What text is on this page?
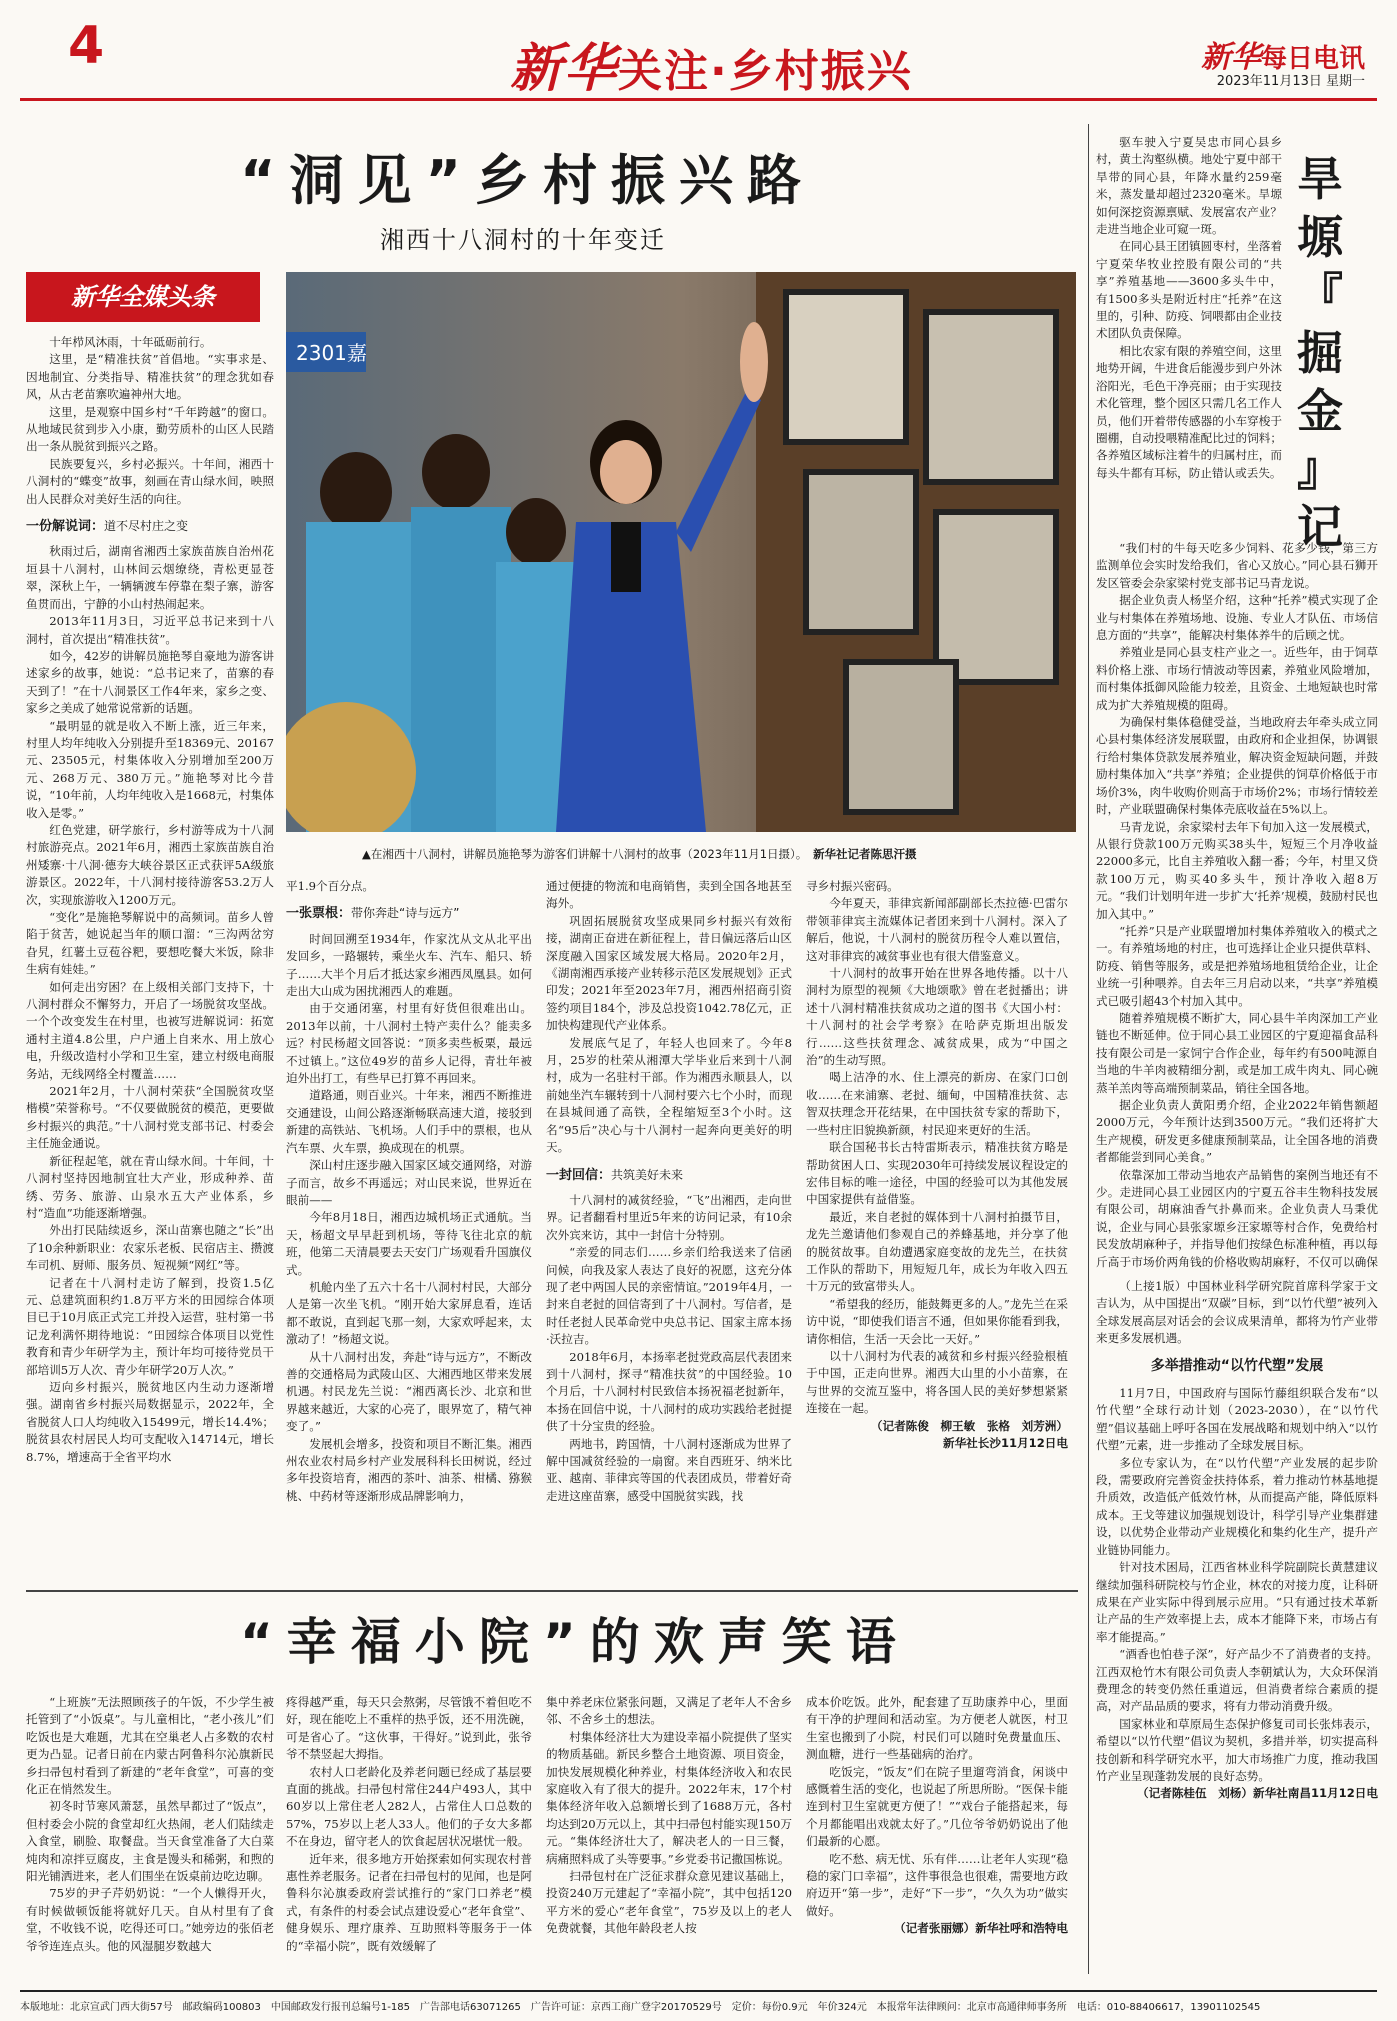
4	新华关注·乡村振兴	新华每日电讯
2023年11月13日 星期一
“洞见”乡村振兴路
湘西十八洞村的十年变迁
新华全媒头条
2301嘉
▲在湘西十八洞村，讲解员施艳琴为游客们讲解十八洞村的故事（2023年11月1日摄）。　 新华社记者陈思汗摄

十年栉风沐雨，十年砥砺前行。

这里，是“精准扶贫”首倡地。“实事求是、因地制宜、分类指导、精准扶贫”的理念犹如春风，从古老苗寨吹遍神州大地。

这里，是观察中国乡村“千年跨越”的窗口。从地域民贫到步入小康，勤劳质朴的山区人民踏出一条从脱贫到振兴之路。

民族要复兴，乡村必振兴。十年间，湘西十八洞村的“蝶变”故事，刻画在青山绿水间，映照出人民群众对美好生活的向往。

一份解说词：道不尽村庄之变

秋雨过后，湖南省湘西土家族苗族自治州花垣县十八洞村，山林间云烟缭绕，青松更显苍翠，深秋上午，一辆辆渡车停靠在梨子寨，游客鱼贯而出，宁静的小山村热闹起来。

2013年11月3日，习近平总书记来到十八洞村，首次提出“精准扶贫”。

如今，42岁的讲解员施艳琴自豪地为游客讲述家乡的故事，她说：“总书记来了，苗寨的春天到了！”在十八洞景区工作4年来，家乡之变、家乡之美成了她常说常新的话题。

“最明显的就是收入不断上涨，近三年来，村里人均年纯收入分别提升至18369元、20167元、23505元，村集体收入分别增加至200万元、268万元、380万元。”施艳琴对比今昔说，“10年前，人均年纯收入是1668元，村集体收入是零。”

红色党建，研学旅行，乡村游等成为十八洞村旅游亮点。2021年6月，湘西土家族苗族自治州矮寨·十八洞·德夯大峡谷景区正式获评5A级旅游景区。2022年，十八洞村接待游客53.2万人次，实现旅游收入1200万元。

“变化”是施艳琴解说中的高频词。苗乡人曾陷于贫苦，她说起当年的顺口溜：“三沟两岔穷旮旯，红薯土豆苞谷粑，要想吃餐大米饭，除非生病有娃娃。”

如何走出穷困？在上级相关部门支持下，十八洞村群众不懈努力，开启了一场脱贫攻坚战。一个个改变发生在村里，也被写进解说词：拓宽通村主道4.8公里，户户通上自来水、用上放心电，升级改造村小学和卫生室，建立村级电商服务站，无线网络全村覆盖……

2021年2月，十八洞村荣获“全国脱贫攻坚楷模”荣誉称号。“不仅要做脱贫的模范，更要做乡村振兴的典范。”十八洞村党支部书记、村委会主任施金通说。

新征程起笔，就在青山绿水间。十年间，十八洞村坚持因地制宜壮大产业，形成种养、苗绣、劳务、旅游、山泉水五大产业体系，乡村“造血”功能逐渐增强。

外出打民陆续返乡，深山苗寨也随之“长”出了10余种新职业：农家乐老板、民宿店主、攒渡车司机、厨师、服务员、短视频“网红”等。

记者在十八洞村走访了解到，投资1.5亿元、总建筑面积约1.8万平方米的田园综合体项目已于10月底正式完工并投入运营，驻村第一书记龙利满怀期待地说：“田园综合体项目以党性教育和青少年研学为主，预计年均可接待党员干部培训5万人次、青少年研学20万人次。”

迈向乡村振兴，脱贫地区内生动力逐渐增强。湖南省乡村振兴局数据显示，2022年，全省脱贫人口人均纯收入15499元，增长14.4%；脱贫县农村居民人均可支配收入14714元，增长8.7%，增速高于全省平均水

平1.9个百分点。

一张票根：带你奔赴“诗与远方”

时间回溯至1934年，作家沈从文从北平出发回乡，一路辗转，乘坐火车、汽车、船只、轿子……大半个月后才抵达家乡湘西凤凰县。如何走出大山成为困扰湘西人的难题。

由于交通闭塞，村里有好货但很难出山。2013年以前，十八洞村土特产卖什么？能卖多远？村民杨超文回答说：“顶多卖些板栗，最远不过镇上。”这位49岁的苗乡人记得，青壮年被迫外出打工，有些早已打算不再回来。

道路通，则百业兴。十年来，湘西不断推进交通建设，山间公路逐渐畅联高速大道，接驳到新建的高铁站、飞机场。人们手中的票根，也从汽车票、火车票，换成现在的机票。

深山村庄逐步融入国家区域交通网络，对游子而言，故乡不再遥远；对山民来说，世界近在眼前——

今年8月18日，湘西边城机场正式通航。当天，杨超文早早赶到机场，等待飞往北京的航班，他第二天清晨要去天安门广场观看升国旗仪式。

机舱内坐了五六十名十八洞村村民，大部分人是第一次坐飞机。“刚开始大家屏息看，连话都不敢说，直到起飞那一刻，大家欢呼起来，太激动了！”杨超文说。

从十八洞村出发，奔赴“诗与远方”，不断改善的交通格局为武陵山区、大湘西地区带来发展机遇。村民龙先兰说：“湘西离长沙、北京和世界越来越近，大家的心亮了，眼界宽了，精气神变了。”

发展机会增多，投资和项目不断汇集。湘西州农业农村局乡村产业发展科科长田树说，经过多年投资培育，湘西的茶叶、油茶、柑橘、猕猴桃、中药材等逐渐形成品牌影响力，

通过便捷的物流和电商销售，卖到全国各地甚至海外。

巩固拓展脱贫攻坚成果同乡村振兴有效衔接，湖南正奋进在新征程上，昔日偏远落后山区深度融入国家区域发展大格局。2020年2月，《湖南湘西承接产业转移示范区发展规划》正式印发；2021年至2023年7月，湘西州招商引资签约项目184个，涉及总投资1042.78亿元，正加快构建现代产业体系。

发展底气足了，年轻人也回来了。今年8月，25岁的杜荣从湘潭大学毕业后来到十八洞村，成为一名驻村干部。作为湘西永顺县人，以前她坐汽车辗转到十八洞村要六七个小时，而现在县城间通了高铁，全程缩短至3个小时。这名“95后”决心与十八洞村一起奔向更美好的明天。

一封回信：共筑美好未来

十八洞村的减贫经验，“飞”出湘西，走向世界。记者翻看村里近5年来的访问记录，有10余次外宾来访，其中一封信十分特别。

“亲爱的同志们……乡亲们给我送来了信函问候，向我及家人表达了良好的祝愿，这充分体现了老中两国人民的亲密情谊。”2019年4月，一封来自老挝的回信寄到了十八洞村。写信者，是时任老挝人民革命党中央总书记、国家主席本扬·沃拉吉。

2018年6月，本扬率老挝党政高层代表团来到十八洞村，探寻“精准扶贫”的中国经验。10个月后，十八洞村村民致信本扬祝福老挝新年，本扬在回信中说，十八洞村的成功实践给老挝提供了十分宝贵的经验。

两地书，跨国情，十八洞村逐渐成为世界了解中国减贫经验的一扇窗。来自西班牙、纳米比亚、越南、菲律宾等国的代表团成员，带着好奇走进这座苗寨，感受中国脱贫实践，找

寻乡村振兴密码。

今年夏天，菲律宾新闻部副部长杰拉德·巴雷尔带领菲律宾主流媒体记者团来到十八洞村。深入了解后，他说，十八洞村的脱贫历程令人难以置信，这对菲律宾的减贫事业也有很大借鉴意义。

十八洞村的故事开始在世界各地传播。以十八洞村为原型的视频《大地颂歌》曾在老挝播出；讲述十八洞村精准扶贫成功之道的图书《大国小村：十八洞村的社会学考察》在哈萨克斯坦出版发行……这些扶贫理念、减贫成果，成为“中国之治”的生动写照。

喝上洁净的水、住上漂亮的新房、在家门口创收……在来浦寨、老挝、缅甸，中国精准扶贫、志智双扶理念开花结果，在中国扶贫专家的帮助下，一些村庄旧貌换新颜，村民迎来更好的生活。

联合国秘书长古特雷斯表示，精准扶贫方略是帮助贫困人口、实现2030年可持续发展议程设定的宏伟目标的唯一途径，中国的经验可以为其他发展中国家提供有益借鉴。

最近，来自老挝的媒体到十八洞村拍摄节目，龙先兰邀请他们参观自己的养蜂基地，并分享了他的脱贫故事。自幼遭遇家庭变故的龙先兰，在扶贫工作队的帮助下，用短短几年，成长为年收入四五十万元的致富带头人。

“希望我的经历，能鼓舞更多的人。”龙先兰在采访中说，“即使我们语言不通，但如果你能看到我，请你相信，生活一天会比一天好。”

以十八洞村为代表的减贫和乡村振兴经验根植于中国，正走向世界。湘西大山里的小小苗寨，在与世界的交流互鉴中，将各国人民的美好梦想紧紧连接在一起。

（记者陈俊　柳王敏　张格　刘芳洲）

新华社长沙11月12日电

旱
塬
『
掘
金
』
记

驱车驶入宁夏吴忠市同心县乡村，黄土沟壑纵横。地处宁夏中部干旱带的同心县，年降水量约259毫米，蒸发量却超过2320毫米。旱塬如何深挖资源禀赋、发展富农产业？走进当地企业可窥一斑。

在同心县王团镇圆枣村，坐落着宁夏荣华牧业控股有限公司的“共享”养殖基地——3600多头牛中，有1500多头是附近村庄“托养”在这里的，引种、防疫、饲喂都由企业技术团队负责保障。

相比农家有限的养殖空间，这里地势开阔，牛进食后能漫步到户外沐浴阳光，毛色干净亮丽；由于实现技术化管理，整个园区只需几名工作人员，他们开着带传感器的小车穿梭于圈棚，自动投喂精准配比过的饲料；各养殖区域标注着牛的归属村庄，而每头牛都有耳标，防止错认或丢失。

“我们村的牛每天吃多少饲料、花多少钱，第三方监测单位会实时发给我们，省心又放心。”同心县石狮开发区管委会杂家梁村党支部书记马青龙说。

据企业负责人杨坚介绍，这种“托养”模式实现了企业与村集体在养殖场地、设施、专业人才队伍、市场信息方面的“共享”，能解决村集体养牛的后顾之忧。

养殖业是同心县支柱产业之一。近些年，由于饲草料价格上涨、市场行情波动等因素，养殖业风险增加，而村集体抵御风险能力较差，且资金、土地短缺也时常成为扩大养殖规模的阻碍。

为确保村集体稳健受益，当地政府去年牵头成立同心县村集体经济发展联盟，由政府和企业担保，协调银行给村集体贷款发展养殖业，解决资金短缺问题，并鼓励村集体加入“共享”养殖；企业提供的饲草价格低于市场价3%，肉牛收购价则高于市场价2%；市场行情较差时，产业联盟确保村集体壳底收益在5%以上。

马青龙说，余家梁村去年下旬加入这一发展模式，从银行贷款100万元购买38头牛，短短三个月净收益22000多元，比自主养殖收入翻一番；今年，村里又贷款100万元，购买40多头牛，预计净收入超8万元。“我们计划明年进一步扩大‘托养’规模，鼓励村民也加入其中。”

“托养”只是产业联盟增加村集体养殖收入的模式之一。有养殖场地的村庄，也可选择让企业只提供草料、防疫、销售等服务，或是把养殖场地租赁给企业，让企业统一引种喂养。自去年三月启动以来，“共享”养殖模式已吸引超43个村加入其中。

随着养殖规模不断扩大，同心县牛羊肉深加工产业链也不断延伸。位于同心县工业园区的宁夏迎福食品科技有限公司是一家饲宁合作企业，每年约有500吨源自当地的牛羊肉被精细分割，或是加工成牛肉丸、同心碗蒸羊羔肉等高端预制菜品，销往全国各地。

据企业负责人黄阳勇介绍，企业2022年销售额超2000万元，今年预计达到3500万元。“我们还将扩大生产规模，研发更多健康预制菜品，让全国各地的消费者都能尝到同心美食。”

依靠深加工带动当地农产品销售的案例当地还有不少。走进同心县工业园区内的宁夏五谷丰生物科技发展有限公司，胡麻油香气扑鼻而来。企业负责人马秉优说，企业与同心县张家塬乡汪家塬等村合作，免费给村民发放胡麻种子，并指导他们按绿色标准种植，再以每斤高于市场价两角钱的价格收购胡麻籽，不仅可以确保

（上接1版）中国林业科学研究院首席科学家于文吉认为，从中国提出“双碳”目标，到“以竹代塑”被列入全球发展高层对话会的会议成果清单，都将为竹产业带来更多发展机遇。

多举措推动“以竹代塑”发展

11月7日，中国政府与国际竹藤组织联合发布“以竹代塑”全球行动计划（2023-2030），在“以竹代塑”倡议基础上呼吁各国在发展战略和规划中纳入“以竹代塑”元素，进一步推动了全球发展目标。

多位专家认为，在“以竹代塑”产业发展的起步阶段，需要政府完善资金扶持体系，着力推动竹林基地提升质效，改造低产低效竹林，从而提高产能，降低原料成本。王戈等建议加强规划设计，科学引导产业集群建设，以优势企业带动产业规模化和集约化生产，提升产业链协同能力。

针对技术困局，江西省林业科学院副院长黄慧建议继续加强科研院校与竹企业，林农的对接力度，让科研成果在产业实际中得到展示应用。“只有通过技术革新让产品的生产效率提上去，成本才能降下来，市场占有率才能提高。”

“酒香也怕巷子深”，好产品少不了消费者的支持。江西双枪竹木有限公司负责人李朝斌认为，大众环保消费理念的转变仍然任重道远，但消费者综合素质的提高，对产品品质的要求，将有力带动消费升级。

国家林业和草原局生态保护修复司司长张炜表示，希望以“以竹代塑”倡议为契机，多措并举，切实提高科技创新和科学研究水平，加大市场推广力度，推动我国竹产业呈现蓬勃发展的良好态势。

（记者陈桂伍　刘杨）新华社南昌11月12日电

“幸福小院”的欢声笑语

“上班族”无法照顾孩子的午饭，不少学生被托管到了“小饭桌”。与儿童相比，“老小孩儿”们吃饭也是大难题，尤其在空巢老人占多数的农村更为凸显。记者日前在内蒙古阿鲁科尔沁旗新民乡扫帚包村看到了新建的“老年食堂”，可喜的变化正在悄然发生。

初冬时节寒风萧瑟，虽然早都过了“饭点”，但村委会小院的食堂却红火热闹，老人们陆续走入食堂，刷脸、取餐盘。当天食堂准备了大白菜炖肉和凉拌豆腐皮，主食是馒头和稀粥，和煦的阳光铺洒进来，老人们围坐在饭桌前边吃边聊。

75岁的尹子芹奶奶说：“一个人懒得开火，有时候做顿饭能将就好几天。自从村里有了食堂，不收钱不说，吃得还可口。”她旁边的张佰老爷爷连连点头。他的风湿腿岁数越大

疼得越严重，每天只会熬粥，尽管饿不着但吃不好，现在能吃上不重样的热乎饭，还不用洗碗，可是省心了。“这伙事，干得好。”说到此，张爷爷不禁竖起大拇指。

农村人口老龄化及养老问题已经成了基层要直面的挑战。扫帚包村常住244户493人，其中60岁以上常住老人282人，占常住人口总数的57%，75岁以上老人33人。他们的子女大多都不在身边，留守老人的饮食起居状况堪忧一般。

近年来，很多地方开始探索如何实现农村普惠性养老服务。记者在扫帚包村的见闻，也是阿鲁科尔沁旗委政府尝试推行的“家门口养老”模式，有条件的村委会试点建设爱心“老年食堂”、健身娱乐、理疗康养、互助照料等服务于一体的“幸福小院”，既有效缓解了

集中养老床位紧张问题，又满足了老年人不舍乡邻、不舍乡土的想法。

村集体经济壮大为建设幸福小院提供了坚实的物质基础。新民乡整合土地资源、项目资金，加快发展规模化种养业，村集体经济收入和农民家庭收入有了很大的提升。2022年末，17个村集体经济年收入总额增长到了1688万元，各村均达到20万元以上，其中扫帚包村能实现150万元。“集体经济壮大了，解决老人的一日三餐，病痛照料成了头等要事。”乡党委书记撒国栋说。

扫帚包村在广泛征求群众意见建议基础上，投资240万元建起了“幸福小院”，其中包括120平方米的爱心“老年食堂”，75岁及以上的老人免费就餐，其他年龄段老人按

成本价吃饭。此外，配套建了互助康养中心，里面有干净的护理间和活动室。为方便老人就医，村卫生室也搬到了小院，村民们可以随时免费量血压、测血糖，进行一些基础病的治疗。

吃饭完，“饭友”们在院子里遛弯消食，闲谈中感慨着生活的变化，也说起了所思所盼。“医保卡能连到村卫生室就更方便了！”“戏台子能搭起来，每个月都能唱出戏就太好了。”几位爷爷奶奶说出了他们最新的心愿。

吃不愁、病无忧、乐有伴……让老年人实现“稳稳的家门口幸福”，这件事很急也很难，需要地方政府迈开“第一步”，走好“下一步”，“久久为功”做实做好。

（记者张丽娜）新华社呼和浩特电

本版地址：北京宣武门西大街57号　邮政编码100803　中国邮政发行报刊总编号1-185　广告部电话63071265　广告许可证：京西工商广登字20170529号　定价：每份0.9元　年价324元　本报常年法律顾问：北京市高通律师事务所　电话：010-88406617，13901102545
